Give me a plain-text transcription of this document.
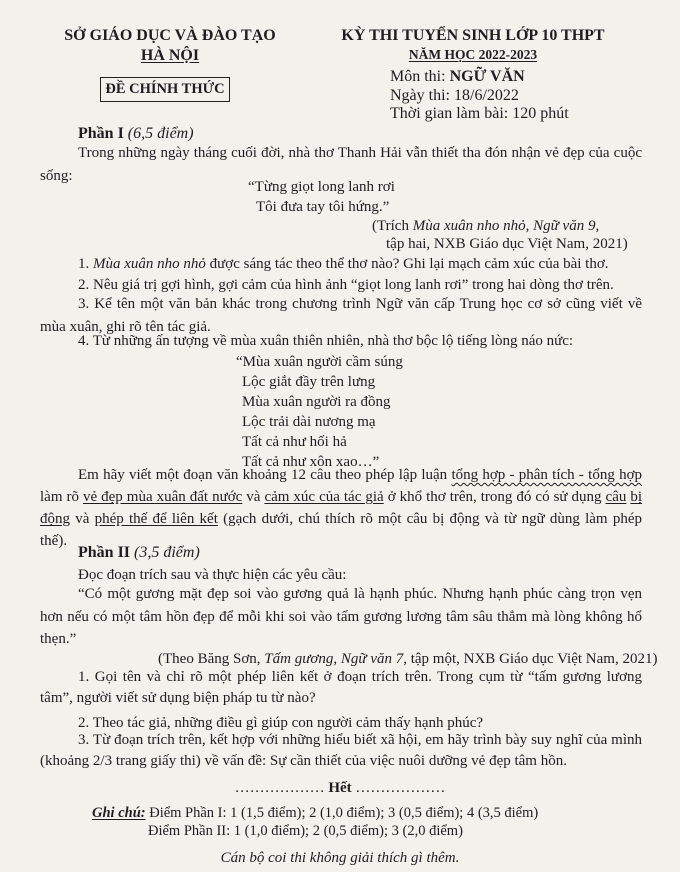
SỞ GIÁO DỤC VÀ ĐÀO TẠO
HÀ NỘI
ĐỀ CHÍNH THỨC
KỲ THI TUYỂN SINH LỚP 10 THPT
NĂM HỌC 2022-2023
Môn thi: NGỮ VĂN
Ngày thi: 18/6/2022
Thời gian làm bài: 120 phút
Phần I (6,5 điểm)
Trong những ngày tháng cuối đời, nhà thơ Thanh Hải vẫn thiết tha đón nhận vẻ đẹp của cuộc sống:
“Từng giọt long lanh rơi
Tôi đưa tay tôi hứng.”
(Trích Mùa xuân nho nhỏ, Ngữ văn 9,
tập hai, NXB Giáo dục Việt Nam, 2021)
1. Mùa xuân nho nhỏ được sáng tác theo thể thơ nào? Ghi lại mạch cảm xúc của bài thơ.
2. Nêu giá trị gợi hình, gợi cảm của hình ảnh “giọt long lanh rơi” trong hai dòng thơ trên.
3. Kể tên một văn bản khác trong chương trình Ngữ văn cấp Trung học cơ sở cũng viết về mùa xuân, ghi rõ tên tác giả.
4. Từ những ấn tượng về mùa xuân thiên nhiên, nhà thơ bộc lộ tiếng lòng náo nức:
“Mùa xuân người cầm súng
Lộc giắt đầy trên lưng
Mùa xuân người ra đồng
Lộc trải dài nương mạ
Tất cả như hối hả
Tất cả như xôn xao…”
Em hãy viết một đoạn văn khoảng 12 câu theo phép lập luận tổng hợp - phân tích - tổng hợp làm rõ vẻ đẹp mùa xuân đất nước và cảm xúc của tác giả ở khổ thơ trên, trong đó có sử dụng câu bị động và phép thế để liên kết (gạch dưới, chú thích rõ một câu bị động và từ ngữ dùng làm phép thế).
Phần II (3,5 điểm)
Đọc đoạn trích sau và thực hiện các yêu cầu:
“Có một gương mặt đẹp soi vào gương quả là hạnh phúc. Nhưng hạnh phúc càng trọn vẹn hơn nếu có một tâm hồn đẹp để mỗi khi soi vào tấm gương lương tâm sâu thẳm mà lòng không hổ thẹn.”
(Theo Băng Sơn, Tấm gương, Ngữ văn 7, tập một, NXB Giáo dục Việt Nam, 2021)
1. Gọi tên và chỉ rõ một phép liên kết ở đoạn trích trên. Trong cụm từ “tấm gương lương tâm”, người viết sử dụng biện pháp tu từ nào?
2. Theo tác giả, những điều gì giúp con người cảm thấy hạnh phúc?
3. Từ đoạn trích trên, kết hợp với những hiểu biết xã hội, em hãy trình bày suy nghĩ của mình (khoảng 2/3 trang giấy thi) về vấn đề: Sự cần thiết của việc nuôi dưỡng vẻ đẹp tâm hồn.
……………… Hết ………………
Ghi chú: Điểm Phần I: 1 (1,5 điểm); 2 (1,0 điểm); 3 (0,5 điểm); 4 (3,5 điểm)
Điểm Phần II: 1 (1,0 điểm); 2 (0,5 điểm); 3 (2,0 điểm)
Cán bộ coi thi không giải thích gì thêm.
